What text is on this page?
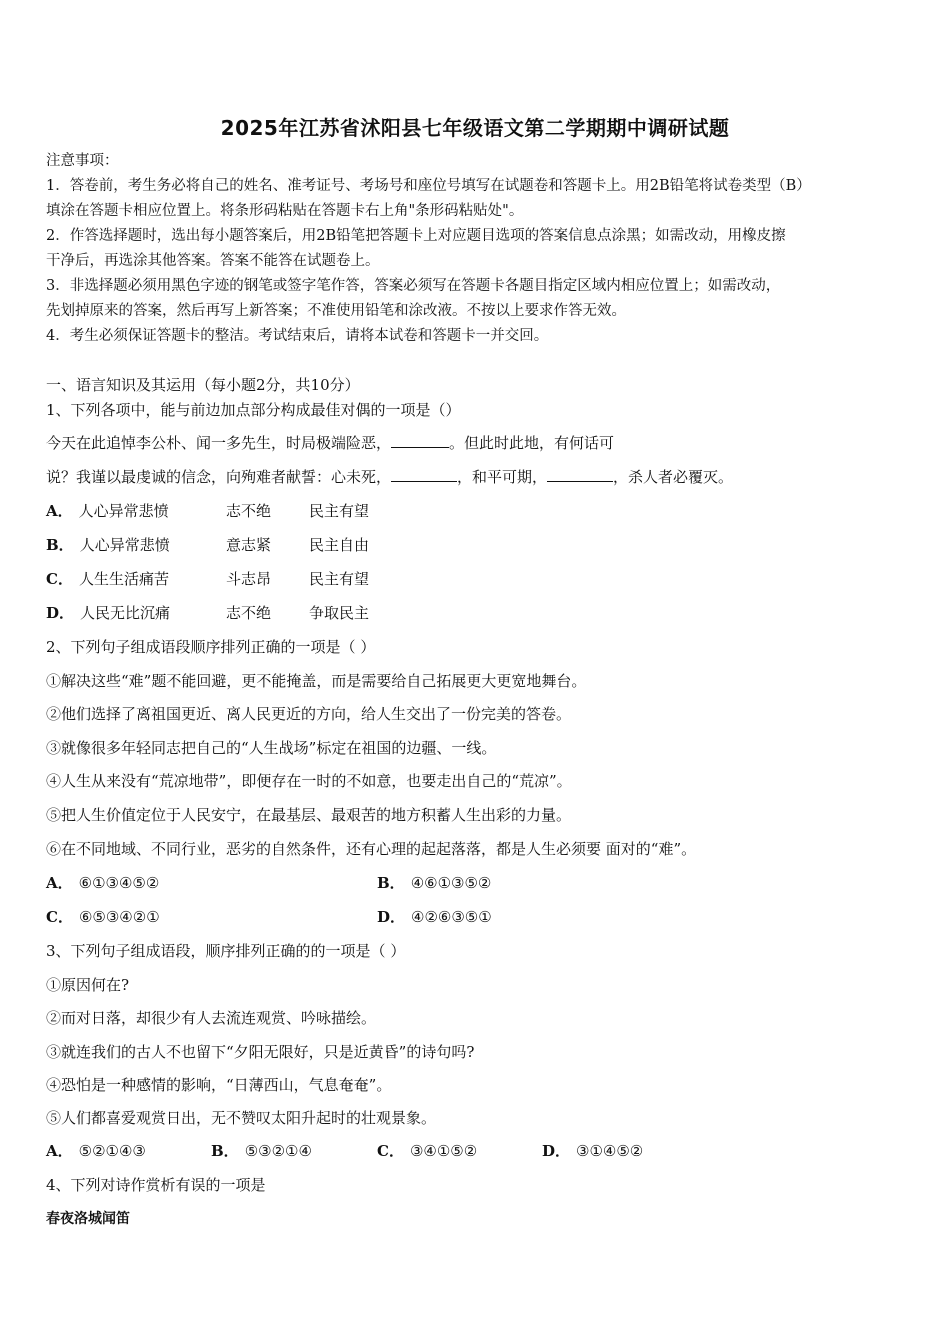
2025年江苏省沭阳县七年级语文第二学期期中调研试题
注意事项：
1．答卷前，考生务必将自己的姓名、准考证号、考场号和座位号填写在试题卷和答题卡上。用2B铅笔将试卷类型（B）
填涂在答题卡相应位置上。将条形码粘贴在答题卡右上角"条形码粘贴处"。
2．作答选择题时，选出每小题答案后，用2B铅笔把答题卡上对应题目选项的答案信息点涂黑；如需改动，用橡皮擦
干净后，再选涂其他答案。答案不能答在试题卷上。
3．非选择题必须用黑色字迹的钢笔或签字笔作答，答案必须写在答题卡各题目指定区域内相应位置上；如需改动，
先划掉原来的答案，然后再写上新答案；不准使用铅笔和涂改液。不按以上要求作答无效。
4．考生必须保证答题卡的整洁。考试结束后，请将本试卷和答题卡一并交回。
一、语言知识及其运用（每小题2分，共10分）
1、下列各项中，能与前边加点部分构成最佳对偶的一项是（）
今天在此追悼李公朴、闻一多先生，时局极端险恶，	。但此时此地，有何话可
说？我谨以最虔诚的信念，向殉难者献誓：心未死，	，和平可期，	，杀人者必覆灭。
A． 人心异常悲愤	志不绝	民主有望
B． 人心异常悲愤	意志紧	民主自由
C． 人生生活痛苦	斗志昂	民主有望
D． 人民无比沉痛	志不绝	争取民主
2、下列句子组成语段顺序排列正确的一项是（ ）
①解决这些“难”题不能回避，更不能掩盖，而是需要给自己拓展更大更宽地舞台。
②他们选择了离祖国更近、离人民更近的方向，给人生交出了一份完美的答卷。
③就像很多年轻同志把自己的“人生战场”标定在祖国的边疆、一线。
④人生从来没有“荒凉地带”，即便存在一时的不如意，也要走出自己的“荒凉”。
⑤把人生价值定位于人民安宁，在最基层、最艰苦的地方积蓄人生出彩的力量。
⑥在不同地域、不同行业，恶劣的自然条件，还有心理的起起落落，都是人生必须要 面对的“难”。
A． ⑥①③④⑤②	B． ④⑥①③⑤②
C． ⑥⑤③④②①	D． ④②⑥③⑤①
3、下列句子组成语段，顺序排列正确的的一项是（ ）
①原因何在?
②而对日落，却很少有人去流连观赏、吟咏描绘。
③就连我们的古人不也留下“夕阳无限好，只是近黄昏”的诗句吗?
④恐怕是一种感情的影响，“日薄西山，气息奄奄”。
⑤人们都喜爱观赏日出，无不赞叹太阳升起时的壮观景象。
A． ⑤②①④③	B． ⑤③②①④	C． ③④①⑤②	D． ③①④⑤②
4、下列对诗作赏析有误的一项是
春夜洛城闻笛
